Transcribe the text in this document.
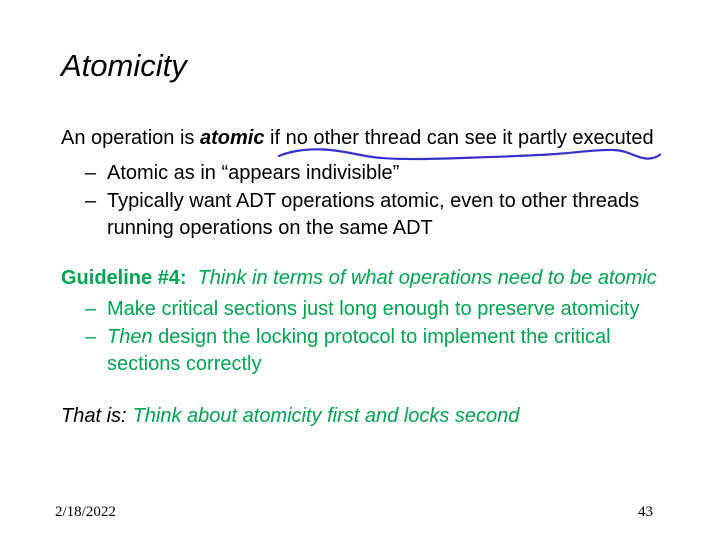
Atomicity
An operation is atomic if no other thread can see it partly executed
– Atomic as in “appears indivisible”
– Typically want ADT operations atomic, even to other threads
running operations on the same ADT
Guideline #4: Think in terms of what operations need to be atomic
– Make critical sections just long enough to preserve atomicity
– Then design the locking protocol to implement the critical
sections correctly
That is: Think about atomicity first and locks second
2/18/2022	43
